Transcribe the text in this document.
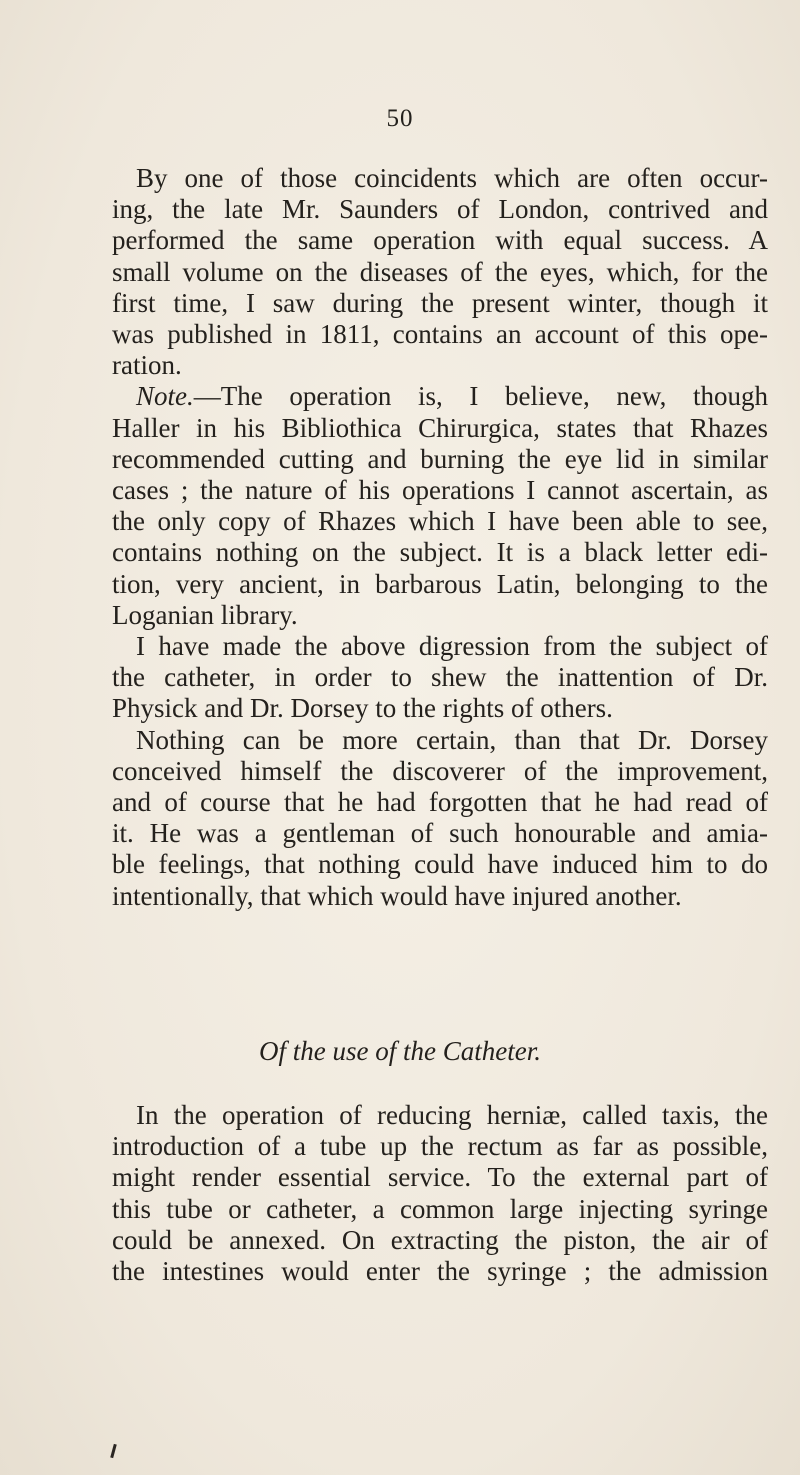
50
By one of those coincidents which are often occur-
ing, the late Mr. Saunders of London, contrived and
performed the same operation with equal success. A
small volume on the diseases of the eyes, which, for the
first time, I saw during the present winter, though it
was published in 1811, contains an account of this ope-
ration.
Note.—The operation is, I believe, new, though
Haller in his Bibliothica Chirurgica, states that Rhazes
recommended cutting and burning the eye lid in similar
cases ; the nature of his operations I cannot ascertain, as
the only copy of Rhazes which I have been able to see,
contains nothing on the subject. It is a black letter edi-
tion, very ancient, in barbarous Latin, belonging to the
Loganian library.
I have made the above digression from the subject of
the catheter, in order to shew the inattention of Dr.
Physick and Dr. Dorsey to the rights of others.
Nothing can be more certain, than that Dr. Dorsey
conceived himself the discoverer of the improvement,
and of course that he had forgotten that he had read of
it. He was a gentleman of such honourable and amia-
ble feelings, that nothing could have induced him to do
intentionally, that which would have injured another.
Of the use of the Catheter.
In the operation of reducing herniæ, called taxis, the
introduction of a tube up the rectum as far as possible,
might render essential service. To the external part of
this tube or catheter, a common large injecting syringe
could be annexed. On extracting the piston, the air of
the intestines would enter the syringe ; the admission
